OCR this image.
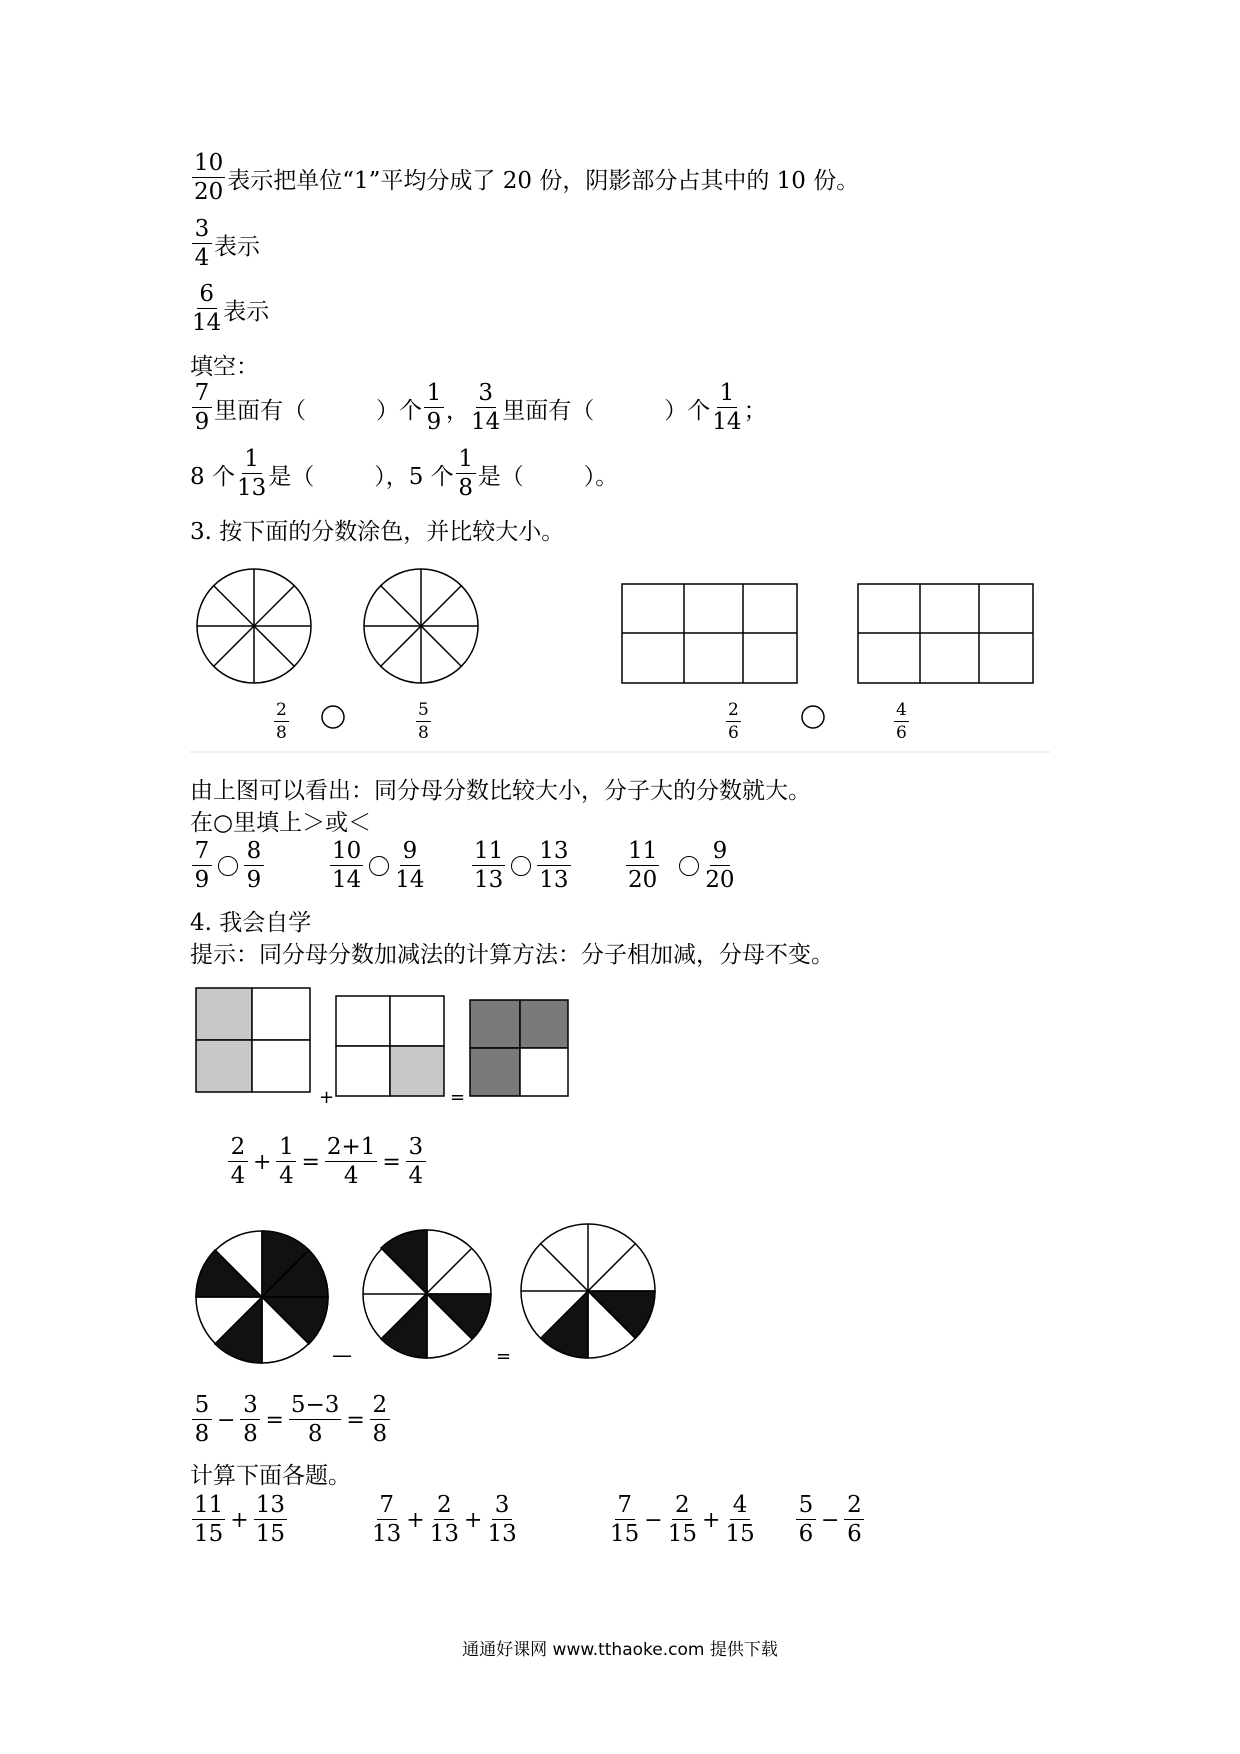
$\frac{10}{20}$ 表示把单位“1”平均分成了 20 份，阴影部分占其中的 10 份。
$\frac{3}{4}$ 表示
$\frac{6}{14}$ 表示
填空：
$\frac{7}{9}$ 里面有（	）个 $\frac{1}{9}$ ， $\frac{3}{14}$ 里面有（	）个 $\frac{1}{14}$ ；
8 个 $\frac{1}{13}$ 是（	），5 个 $\frac{1}{8}$ 是（	）。
3. 按下面的分数涂色，并比较大小。
$\frac{2}{8}$	$\frac{5}{8}$	$\frac{2}{6}$	$\frac{4}{6}$
由上图可以看出：同分母分数比较大小，分子大的分数就大。
在○里填上＞或＜
$\frac{7}{9} \frac{8}{9}$	$\frac{10}{14} \frac{9}{14} \frac{11}{13} \frac{13}{13} \frac{11}{20} \frac{9}{20}$
4. 我会自学
提示：同分母分数加减法的计算方法：分子相加减，分母不变。
+	=
—	=
$\frac{2}{4} + \frac{1}{4} = \frac{2+1}{4} = \frac{3}{4}$
$\frac{5}{8} - \frac{3}{8} = \frac{5-3}{8} = \frac{2}{8}$
计算下面各题。
$\frac{11}{15} + \frac{13}{15}$	$\frac{7}{13} + \frac{2}{13} + \frac{3}{13}$	$\frac{7}{15} - \frac{2}{15} + \frac{4}{15} \frac{5}{6} - \frac{2}{6}$
通通好课网 www.tthaoke.com 提供下载
